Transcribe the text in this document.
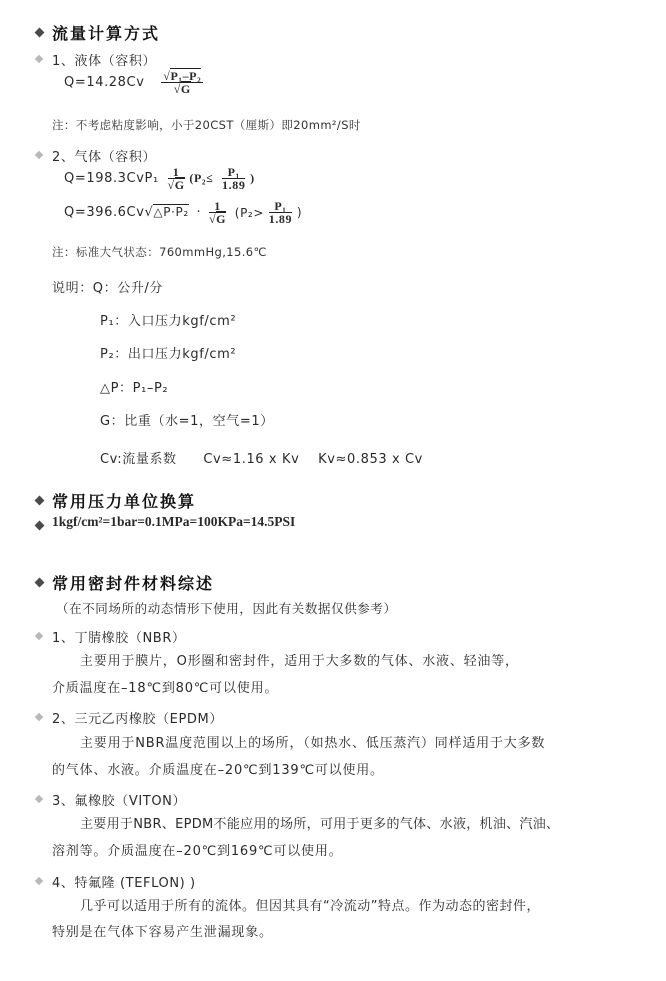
流量计算方式
1、液体（容积）
$Q=14.28Cv \frac{\text{√P₁–P₂}}{√G}$
注：不考虑粘度影响，小于20CST（厘斯）即20mm²/S时
2、气体（容积）
$Q=198.3CvP_1 \frac{1}{√G} (P_2\le \frac{\text{P₁}}{1.89}$ )
Q=396.6Cv√△P·P₂ · $\frac{1}{√G} (P_2> \frac{\text{P₁}}{1.89}$ )
注：标准大气状态：760mmHg,15.6℃
说明：Q：公升/分
P₁：入口压力kgf/cm²
P₂：出口压力kgf/cm²
△P：P₁–P₂
G：比重（水=1，空气=1）
Cv:流量系数 Cv≈1.16 x Kv Kv≈0.853 x Cv
常用压力单位换算
1kgf/cm²=1bar=0.1MPa=100KPa=14.5PSI
常用密封件材料综述
（在不同场所的动态情形下使用，因此有关数据仅供参考）
1、丁腈橡胶（NBR）
主要用于膜片，O形圈和密封件，适用于大多数的气体、水液、轻油等，
介质温度在–18℃到80℃可以使用。
2、三元乙丙橡胶（EPDM）
主要用于NBR温度范围以上的场所，（如热水、低压蒸汽）同样适用于大多数
的气体、水液。介质温度在–20℃到139℃可以使用。
3、氟橡胶（VITON）
主要用于NBR、EPDM不能应用的场所，可用于更多的气体、水液，机油、汽油、
溶剂等。介质温度在–20℃到169℃可以使用。
4、特氟隆 (TEFLON) )
几乎可以适用于所有的流体。但因其具有“冷流动”特点。作为动态的密封件，
特别是在气体下容易产生泄漏现象。
